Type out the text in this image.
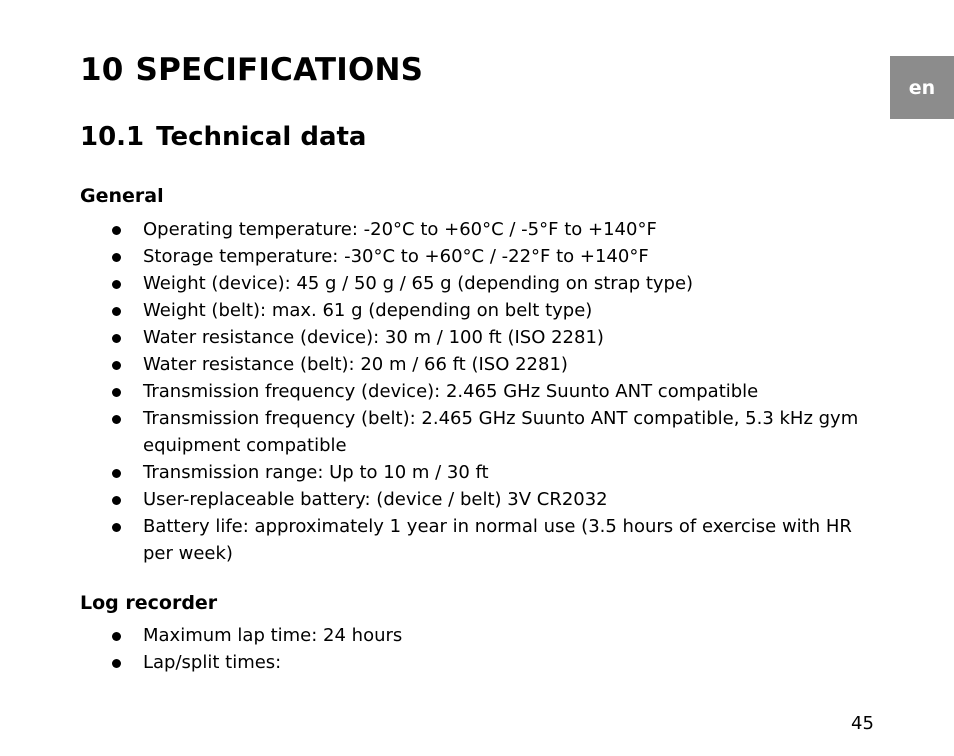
en
10 SPECIFICATIONS
10.1 Technical data
General
Operating temperature: -20°C to +60°C / -5°F to +140°F
Storage temperature: -30°C to +60°C / -22°F to +140°F
Weight (device): 45 g / 50 g / 65 g (depending on strap type)
Weight (belt): max. 61 g (depending on belt type)
Water resistance (device): 30 m / 100 ft (ISO 2281)
Water resistance (belt): 20 m / 66 ft (ISO 2281)
Transmission frequency (device): 2.465 GHz Suunto ANT compatible
Transmission frequency (belt): 2.465 GHz Suunto ANT compatible, 5.3 kHz gym equipment compatible
Transmission range: Up to 10 m / 30 ft
User-replaceable battery: (device / belt) 3V CR2032
Battery life: approximately 1 year in normal use (3.5 hours of exercise with HR per week)
Log recorder
Maximum lap time: 24 hours
Lap/split times:
45
